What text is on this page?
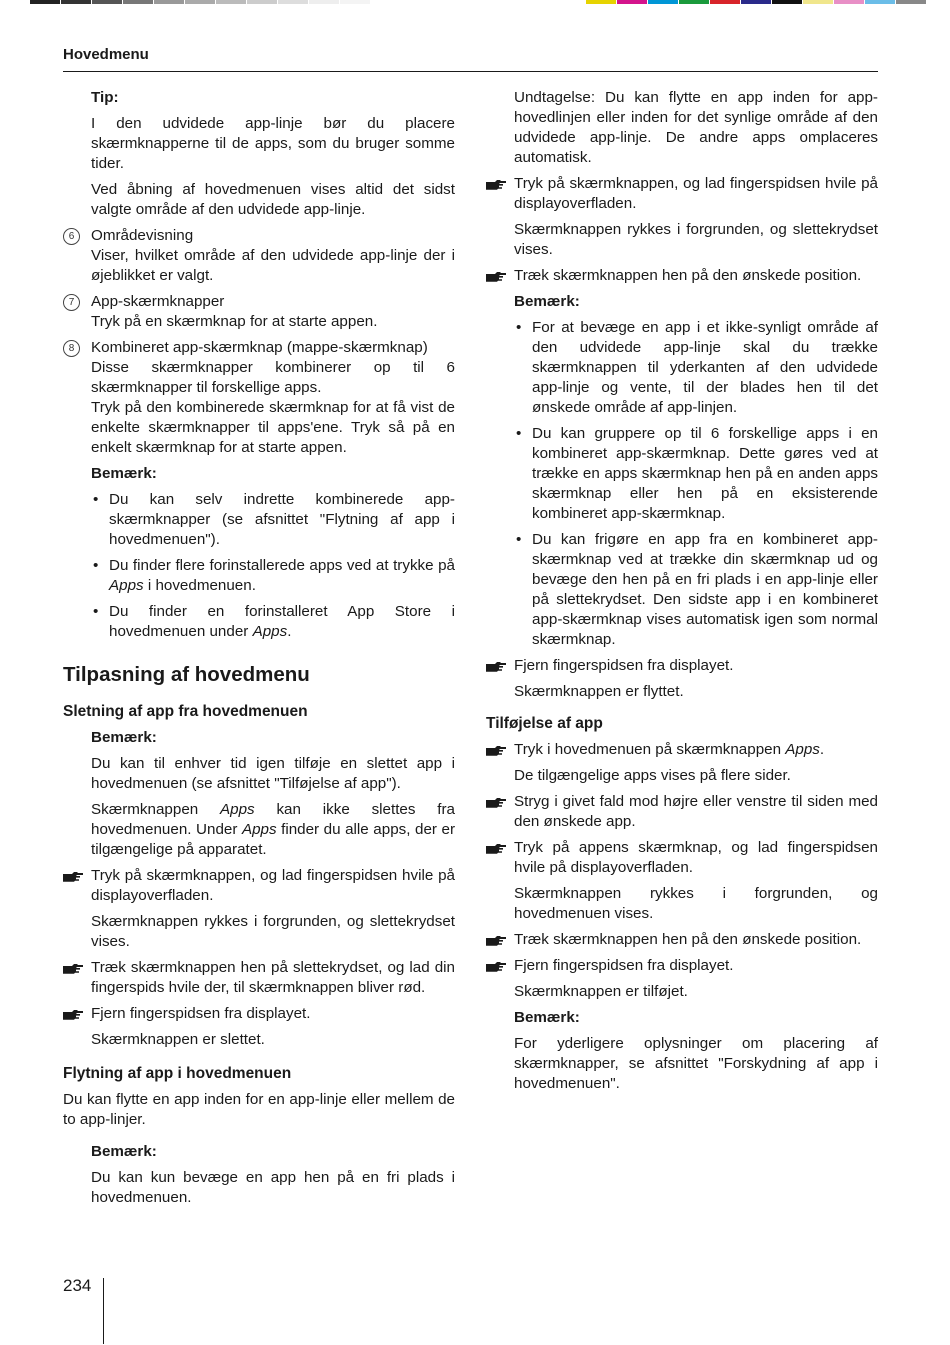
Hovedmenu

Tip:

I den udvidede app-linje bør du placere skærmknapperne til de apps, som du bruger somme tider.

Ved åbning af hovedmenuen vises altid det sidst valgte område af den udvidede app-linje.

6	Områdevisning
Viser, hvilket område af den udvidede app-linje der i øjeblikket er valgt.
7	App-skærmknapper
Tryk på en skærmknap for at starte appen.
8	Kombineret app-skærmknap (mappe-skærmknap)
Disse skærmknapper kombinerer op til 6 skærmknapper til forskellige apps.
Tryk på den kombinerede skærmknap for at få vist de enkelte skærmknapper til apps'ene. Tryk så på en enkelt skærmknap for at starte appen.

Bemærk:

• Du kan selv indrette kombinerede app-skærmknapper (se afsnittet "Flytning af app i hovedmenuen").
• Du finder flere forinstallerede apps ved at trykke på Apps i hovedmenuen.
• Du finder en forinstalleret App Store i hovedmenuen under Apps.
Tilpasning af hovedmenu
Sletning af app fra hovedmenuen

Bemærk:

Du kan til enhver tid igen tilføje en slettet app i hovedmenuen (se afsnittet "Tilføjelse af app").

Skærmknappen Apps kan ikke slettes fra hovedmenuen. Under Apps finder du alle apps, der er tilgængelige på apparatet.

Tryk på skærmknappen, og lad fingerspidsen hvile på displayoverfladen.

Skærmknappen rykkes i forgrunden, og slettekrydset vises.

Træk skærmknappen hen på slettekrydset, og lad din fingerspids hvile der, til skærmknappen bliver rød.
Fjern fingerspidsen fra displayet.

Skærmknappen er slettet.

Flytning af app i hovedmenuen

Du kan flytte en app inden for en app-linje eller mellem de to app-linjer.

Bemærk:

Du kan kun bevæge en app hen på en fri plads i hovedmenuen.

Undtagelse: Du kan flytte en app inden for app-hovedlinjen eller inden for det synlige område af den udvidede app-linje. De andre apps omplaceres automatisk.

Tryk på skærmknappen, og lad fingerspidsen hvile på displayoverfladen.

Skærmknappen rykkes i forgrunden, og slettekrydset vises.

Træk skærmknappen hen på den ønskede position.

Bemærk:

• For at bevæge en app i et ikke-synligt område af den udvidede app-linje skal du trække skærmknappen til yderkanten af den udvidede app-linje og vente, til der blades hen til det ønskede område af app-linjen.
• Du kan gruppere op til 6 forskellige apps i en kombineret app-skærmknap. Dette gøres ved at trække en apps skærmknap hen på en anden apps skærmknap eller hen på en eksisterende kombineret app-skærmknap.
• Du kan frigøre en app fra en kombineret app-skærmknap ved at trække din skærmknap ud og bevæge den hen på en fri plads i en app-linje eller på slettekrydset. Den sidste app i en kombineret app-skærmknap vises automatisk igen som normal skærmknap.
Fjern fingerspidsen fra displayet.

Skærmknappen er flyttet.

Tilføjelse af app
Tryk i hovedmenuen på skærmknappen Apps.

De tilgængelige apps vises på flere sider.

Stryg i givet fald mod højre eller venstre til siden med den ønskede app.
Tryk på appens skærmknap, og lad fingerspidsen hvile på displayoverfladen.

Skærmknappen rykkes i forgrunden, og hovedmenuen vises.

Træk skærmknappen hen på den ønskede position.
Fjern fingerspidsen fra displayet.

Skærmknappen er tilføjet.

Bemærk:

For yderligere oplysninger om placering af skærmknapper, se afsnittet "Forskydning af app i hovedmenuen".

234
